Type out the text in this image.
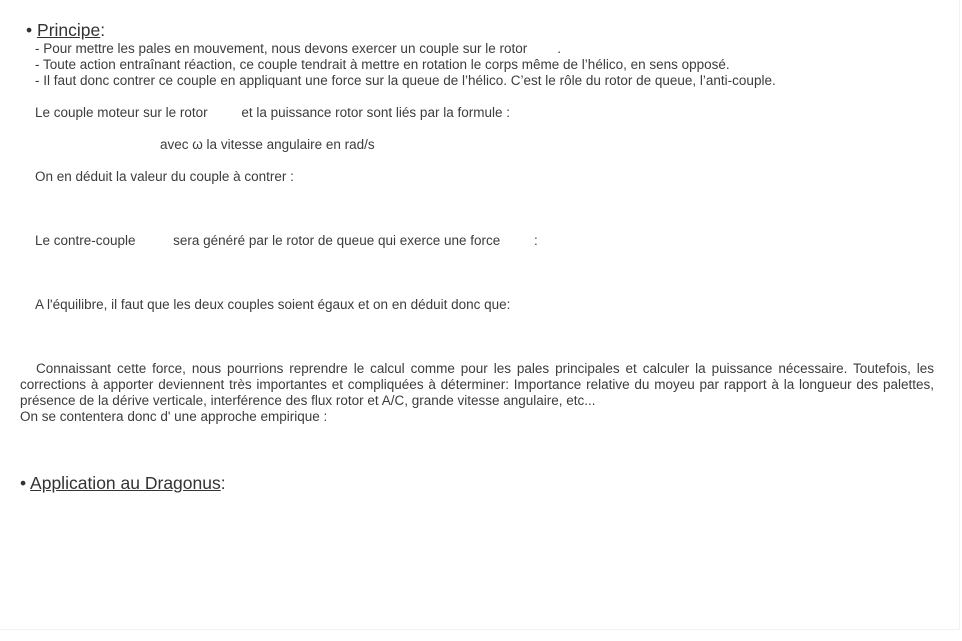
• Principe:
- Pour mettre les pales en mouvement, nous devons exercer un couple sur le rotor        .
- Toute action entraînant réaction, ce couple tendrait à mettre en rotation le corps même de l’hélico, en sens opposé.
- Il faut donc contrer ce couple en appliquant une force sur la queue de l’hélico. C’est le rôle du rotor de queue, l’anti-couple.
Le couple moteur sur le rotor         et la puissance rotor sont liés par la formule :
avec ω la vitesse angulaire en rad/s
On en déduit la valeur du couple à contrer :
Le contre-couple          sera généré par le rotor de queue qui exerce une force         :
A l'équilibre, il faut que les deux couples soient égaux et on en déduit donc que:
Connaissant cette force, nous pourrions reprendre le calcul comme pour les pales principales et calculer la puissance nécessaire. Toutefois, les corrections à apporter deviennent très importantes et compliquées à déterminer: Importance relative du moyeu par rapport à la longueur des palettes, présence de la dérive verticale, interférence des flux rotor et A/C, grande vitesse angulaire, etc...
On se contentera donc d' une approche empirique :
• Application au Dragonus:
